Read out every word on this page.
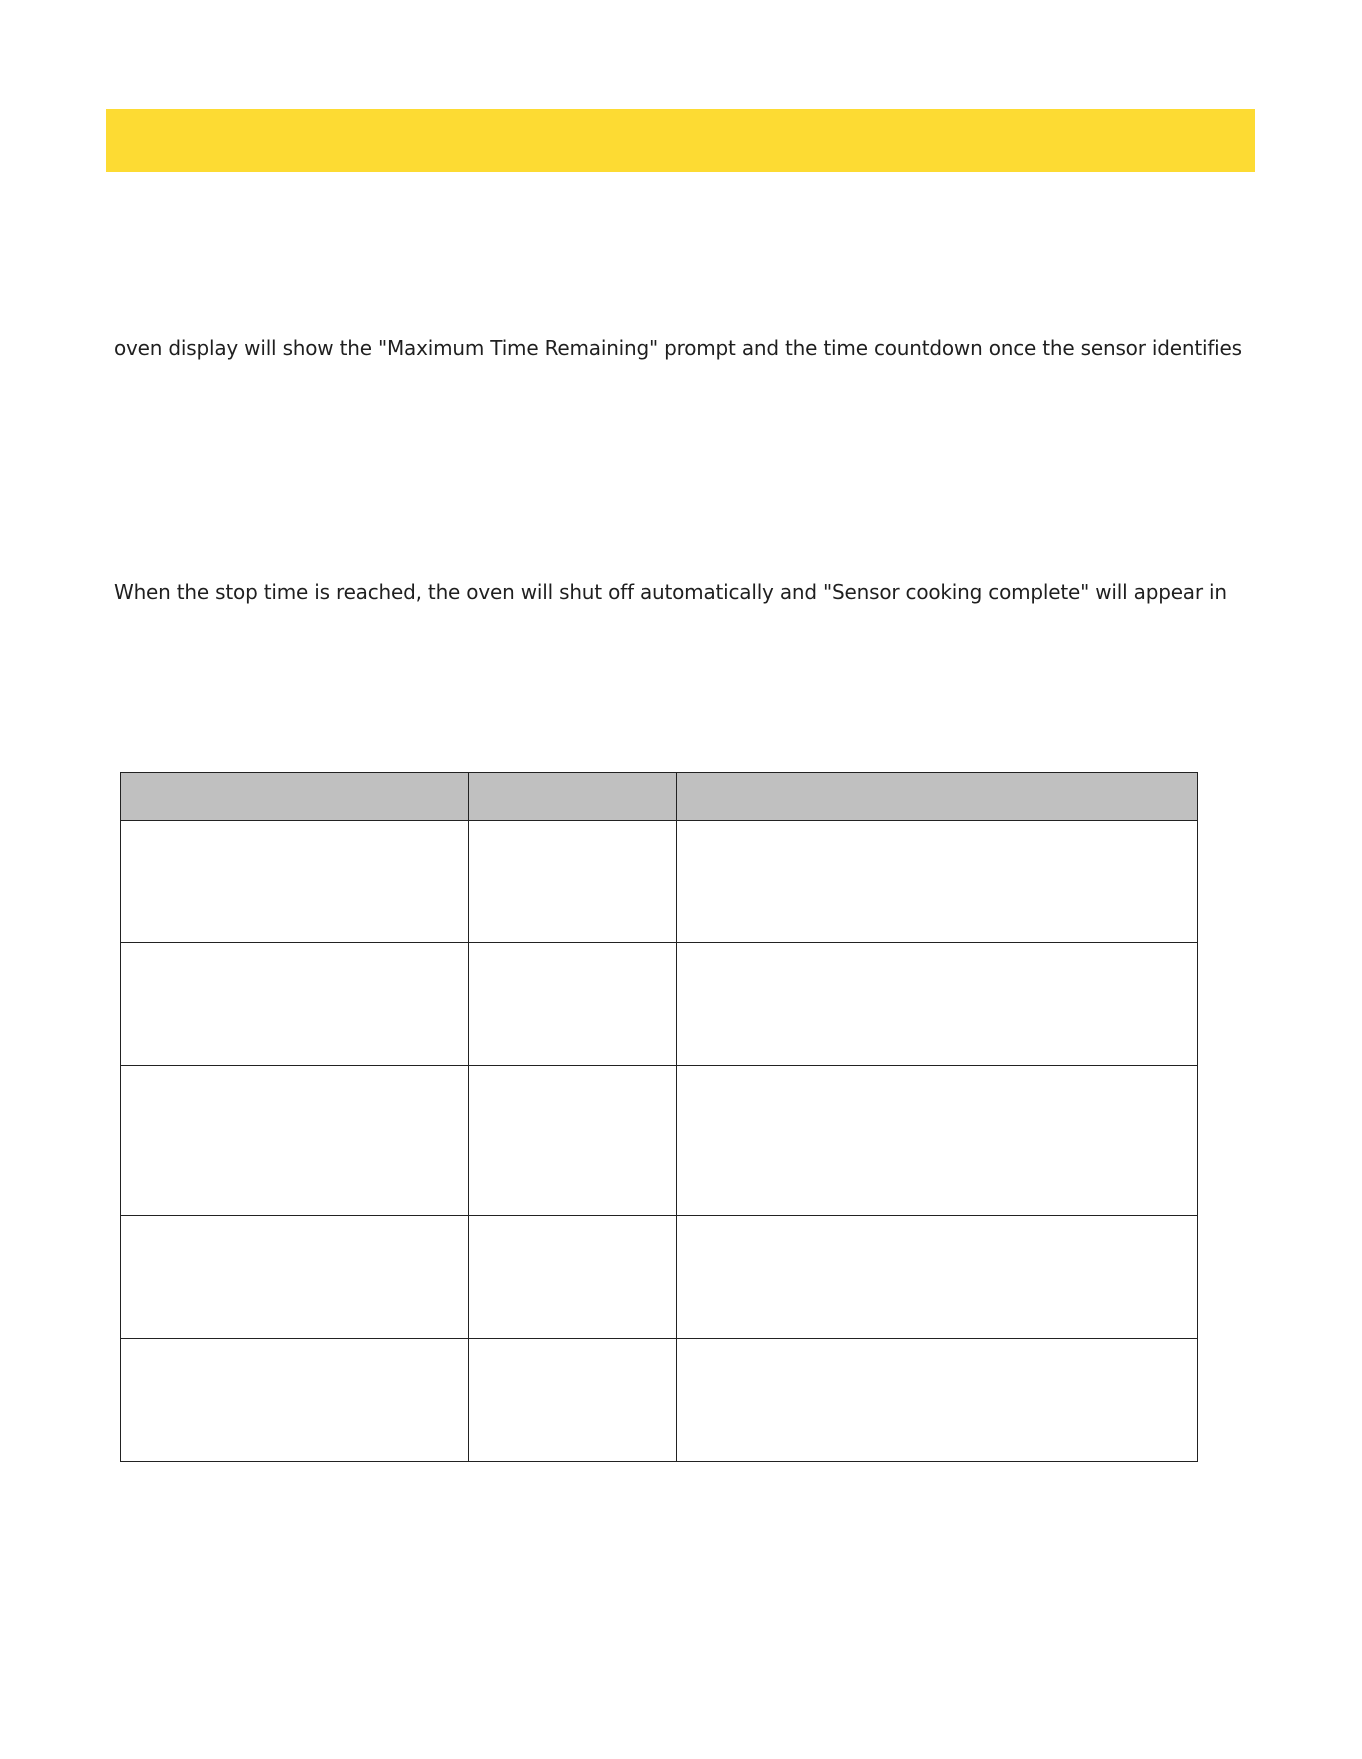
oven display will show the "Maximum Time Remaining" prompt and the time countdown once the sensor identifies
When the stop time is reached, the oven will shut off automatically and "Sensor cooking complete" will appear in
